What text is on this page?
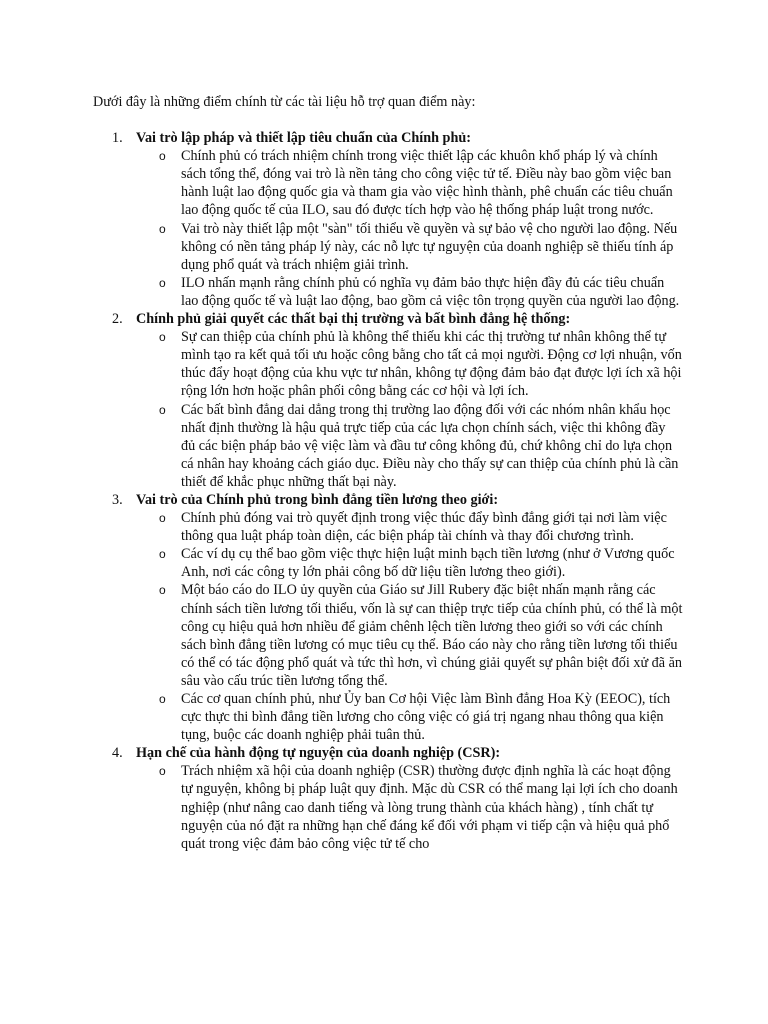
Dưới đây là những điểm chính từ các tài liệu hỗ trợ quan điểm này:

1. Vai trò lập pháp và thiết lập tiêu chuẩn của Chính phủ:
o Chính phủ có trách nhiệm chính trong việc thiết lập các khuôn khổ pháp lý và chính sách tổng thể, đóng vai trò là nền tảng cho công việc tử tế. Điều này bao gồm việc ban hành luật lao động quốc gia và tham gia vào việc hình thành, phê chuẩn các tiêu chuẩn lao động quốc tế của ILO, sau đó được tích hợp vào hệ thống pháp luật trong nước.
o Vai trò này thiết lập một "sàn" tối thiểu về quyền và sự bảo vệ cho người lao động. Nếu không có nền tảng pháp lý này, các nỗ lực tự nguyện của doanh nghiệp sẽ thiếu tính áp dụng phổ quát và trách nhiệm giải trình.
o ILO nhấn mạnh rằng chính phủ có nghĩa vụ đảm bảo thực hiện đầy đủ các tiêu chuẩn lao động quốc tế và luật lao động, bao gồm cả việc tôn trọng quyền của người lao động.
2. Chính phủ giải quyết các thất bại thị trường và bất bình đẳng hệ thống:
o Sự can thiệp của chính phủ là không thể thiếu khi các thị trường tư nhân không thể tự mình tạo ra kết quả tối ưu hoặc công bằng cho tất cả mọi người. Động cơ lợi nhuận, vốn thúc đẩy hoạt động của khu vực tư nhân, không tự động đảm bảo đạt được lợi ích xã hội rộng lớn hơn hoặc phân phối công bằng các cơ hội và lợi ích.
o Các bất bình đẳng dai dẳng trong thị trường lao động đối với các nhóm nhân khẩu học nhất định thường là hậu quả trực tiếp của các lựa chọn chính sách, việc thi không đầy đủ các biện pháp bảo vệ việc làm và đầu tư công không đủ, chứ không chỉ do lựa chọn cá nhân hay khoảng cách giáo dục. Điều này cho thấy sự can thiệp của chính phủ là cần thiết để khắc phục những thất bại này.
3. Vai trò của Chính phủ trong bình đẳng tiền lương theo giới:
o Chính phủ đóng vai trò quyết định trong việc thúc đẩy bình đẳng giới tại nơi làm việc thông qua luật pháp toàn diện, các biện pháp tài chính và thay đổi chương trình.
o Các ví dụ cụ thể bao gồm việc thực hiện luật minh bạch tiền lương (như ở Vương quốc Anh, nơi các công ty lớn phải công bố dữ liệu tiền lương theo giới).
o Một báo cáo do ILO ủy quyền của Giáo sư Jill Rubery đặc biệt nhấn mạnh rằng các chính sách tiền lương tối thiểu, vốn là sự can thiệp trực tiếp của chính phủ, có thể là một công cụ hiệu quả hơn nhiều để giảm chênh lệch tiền lương theo giới so với các chính sách bình đẳng tiền lương có mục tiêu cụ thể. Báo cáo này cho rằng tiền lương tối thiểu có thể có tác động phổ quát và tức thì hơn, vì chúng giải quyết sự phân biệt đối xử đã ăn sâu vào cấu trúc tiền lương tổng thể.
o Các cơ quan chính phủ, như Ủy ban Cơ hội Việc làm Bình đẳng Hoa Kỳ (EEOC), tích cực thực thi bình đẳng tiền lương cho công việc có giá trị ngang nhau thông qua kiện tụng, buộc các doanh nghiệp phải tuân thủ.
4. Hạn chế của hành động tự nguyện của doanh nghiệp (CSR):
o Trách nhiệm xã hội của doanh nghiệp (CSR) thường được định nghĩa là các hoạt động tự nguyện, không bị pháp luật quy định. Mặc dù CSR có thể mang lại lợi ích cho doanh nghiệp (như nâng cao danh tiếng và lòng trung thành của khách hàng) , tính chất tự nguyện của nó đặt ra những hạn chế đáng kể đối với phạm vi tiếp cận và hiệu quả phổ quát trong việc đảm bảo công việc tử tế cho
